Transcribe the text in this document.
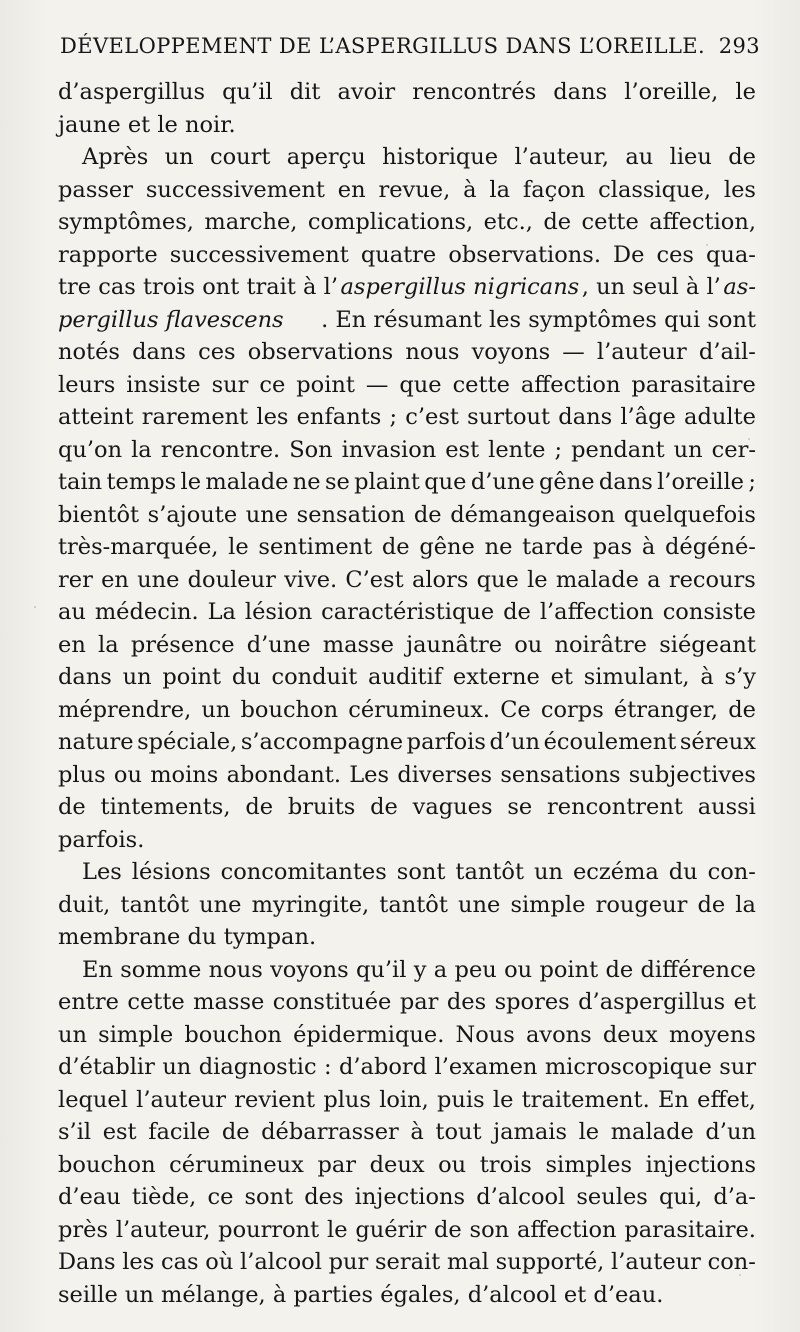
DÉVELOPPEMENT DE L’ASPERGILLUS DANS L’OREILLE. 293
d’aspergillus qu’il dit avoir rencontrés dans l’oreille, le
jaune et le noir.
Après un court aperçu historique l’auteur, au lieu de
passer successivement en revue, à la façon classique, les
symptômes, marche, complications, etc., de cette affection,
rapporte successivement quatre observations. De ces qua-
tre cas trois ont trait à l’ aspergillus nigricans , un seul à l’ as-
pergillus flavescens . En résumant les symptômes qui sont
notés dans ces observations nous voyons — l’auteur d’ail-
leurs insiste sur ce point — que cette affection parasitaire
atteint rarement les enfants ; c’est surtout dans l’âge adulte
qu’on la rencontre. Son invasion est lente ; pendant un cer-
tain temps le malade ne se plaint que d’une gêne dans l’oreille ;
bientôt s’ajoute une sensation de démangeaison quelquefois
très-marquée, le sentiment de gêne ne tarde pas à dégéné-
rer en une douleur vive. C’est alors que le malade a recours
au médecin. La lésion caractéristique de l’affection consiste
en la présence d’une masse jaunâtre ou noirâtre siégeant
dans un point du conduit auditif externe et simulant, à s’y
méprendre, un bouchon cérumineux. Ce corps étranger, de
nature spéciale, s’accompagne parfois d’un écoulement séreux
plus ou moins abondant. Les diverses sensations subjectives
de tintements, de bruits de vagues se rencontrent aussi
parfois.
Les lésions concomitantes sont tantôt un eczéma du con-
duit, tantôt une myringite, tantôt une simple rougeur de la
membrane du tympan.
En somme nous voyons qu’il y a peu ou point de différence
entre cette masse constituée par des spores d’aspergillus et
un simple bouchon épidermique. Nous avons deux moyens
d’établir un diagnostic : d’abord l’examen microscopique sur
lequel l’auteur revient plus loin, puis le traitement. En effet,
s’il est facile de débarrasser à tout jamais le malade d’un
bouchon cérumineux par deux ou trois simples injections
d’eau tiède, ce sont des injections d’alcool seules qui, d’a-
près l’auteur, pourront le guérir de son affection parasitaire.
Dans les cas où l’alcool pur serait mal supporté, l’auteur con-
seille un mélange, à parties égales, d’alcool et d’eau.
